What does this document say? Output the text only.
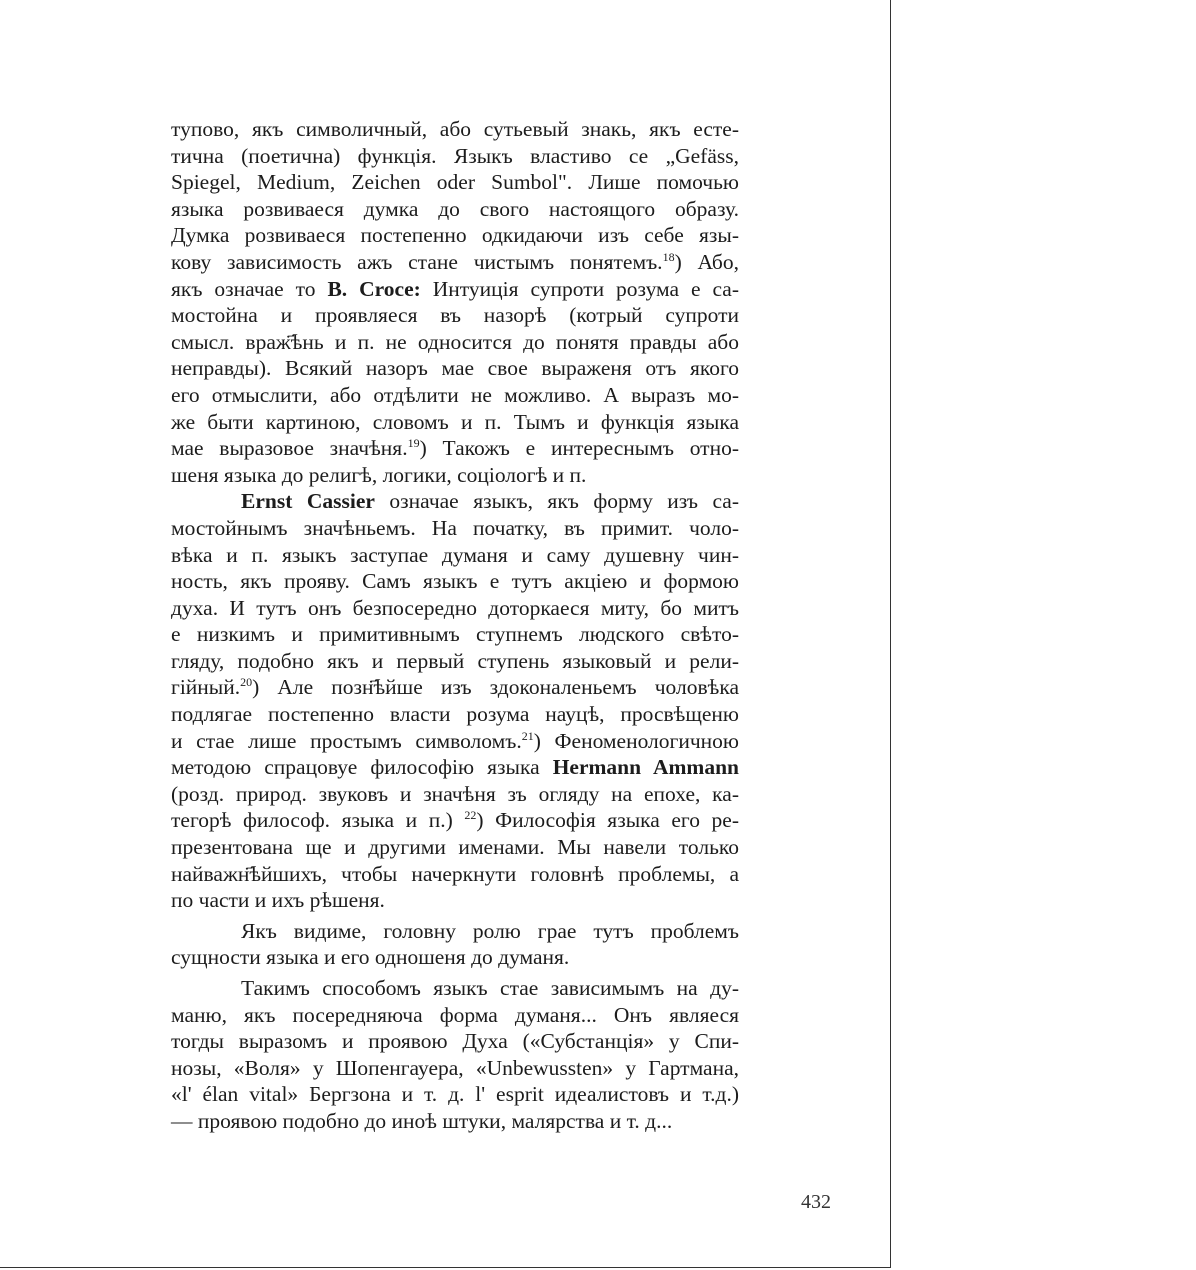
тупово, якъ символичный, або сутьевый знакь, якъ есте-
тична (поетична) функція. Языкъ властиво се „Gefäss,
Spiegel, Medium, Zeichen oder Sumbol". Лише помочью
языка розвиваеся думка до свого настоящого образу.
Думка розвиваеся постепенно одкидаючи изъ себе язы-
кову зависимость ажъ стане чистымъ понятемъ.$^{18}$) Або,
якъ означае то B. Croce: Интуиція супроти розума е са-
мостойна и проявляеся въ назорѣ (котрый супроти
смысл. враж҃ѣнь и п. не односится до понятя правды або
неправды). Всякий назоръ мае свое выраженя отъ якого
его отмыслити, або отдѣлити не можливо. А выразъ мо-
же быти картиною, словомъ и п. Тымъ и функція языка
мае выразовое значѣня.$^{19}$) Такожъ е интереснымъ отно-
шеня языка до религѣ, логики, соціологѣ и п.
Ernst Cassier означае языкъ, якъ форму изъ са-
мостойнымъ значѣньемъ. На початку, въ примит. чоло-
вѣка и п. языкъ заступае думаня и саму душевну чин-
ность, якъ прояву. Самъ языкъ е тутъ акціею и формою
духа. И тутъ онъ безпосередно доторкаеся миту, бо митъ
е низкимъ и примитивнымъ ступнемъ людского свѣто-
гляду, подобно якъ и первый ступень языковый и рели-
гійный.$^{20}$) Але позн҃ѣйше изъ здоконаленьемъ чоловѣка
подлягае постепенно власти розума науцѣ, просвѣщеню
и стае лише простымъ символомъ.$^{21}$) Феноменологичною
методою спрацовуе философію языка Hermann Ammann
(розд. природ. звуковъ и значѣня зъ огляду на епохе, ка-
тегорѣ философ. языка и п.) $^{22}$) Философія языка его ре-
презентована ще и другими именами. Мы навели только
найважн҃ѣйшихъ, чтобы начеркнути головнѣ проблемы, а
по части и ихъ рѣшеня.
Якъ видиме, головну ролю грае тутъ проблемъ
сущности языка и его одношеня до думаня.
Такимъ способомъ языкъ стае зависимымъ на ду-
маню, якъ посередняюча форма думаня... Онъ являеся
тогды выразомъ и проявою Духа («Субстанція» у Спи-
нозы, «Воля» у Шопенгауера, «Unbewussten» у Гартмана,
«l' élan vital» Бергзона и т. д. l' esprit идеалистовъ и т.д.)
— проявою подобно до инoѣ штуки, малярства и т. д...
432
